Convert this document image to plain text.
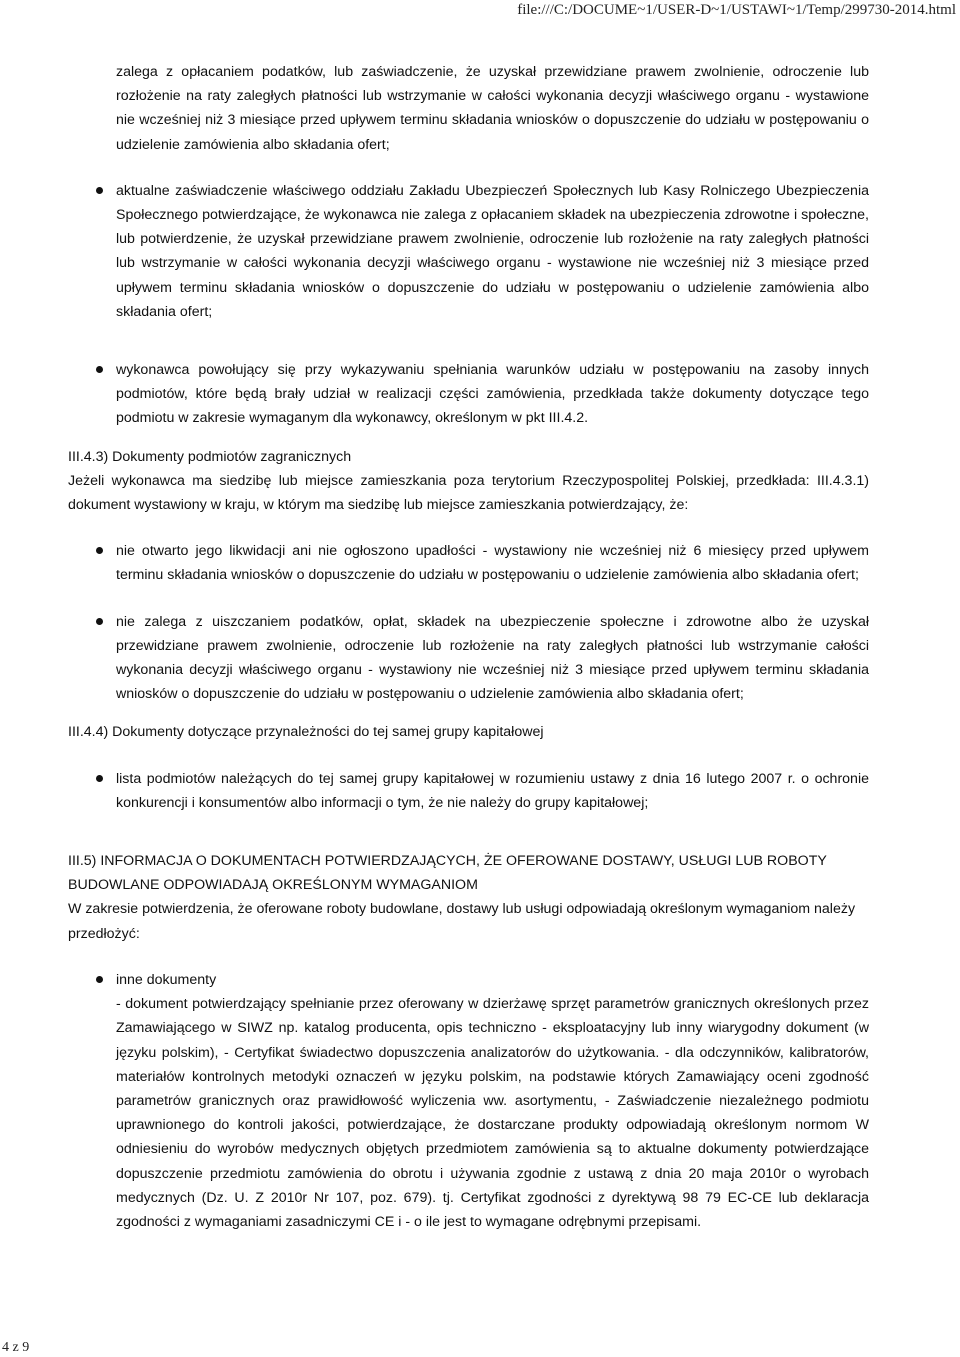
file:///C:/DOCUME~1/USER-D~1/USTAWI~1/Temp/299730-2014.html
zalega z opłacaniem podatków, lub zaświadczenie, że uzyskał przewidziane prawem zwolnienie, odroczenie lub rozłożenie na raty zaległych płatności lub wstrzymanie w całości wykonania decyzji właściwego organu - wystawione nie wcześniej niż 3 miesiące przed upływem terminu składania wniosków o dopuszczenie do udziału w postępowaniu o udzielenie zamówienia albo składania ofert;
aktualne zaświadczenie właściwego oddziału Zakładu Ubezpieczeń Społecznych lub Kasy Rolniczego Ubezpieczenia Społecznego potwierdzające, że wykonawca nie zalega z opłacaniem składek na ubezpieczenia zdrowotne i społeczne, lub potwierdzenie, że uzyskał przewidziane prawem zwolnienie, odroczenie lub rozłożenie na raty zaległych płatności lub wstrzymanie w całości wykonania decyzji właściwego organu - wystawione nie wcześniej niż 3 miesiące przed upływem terminu składania wniosków o dopuszczenie do udziału w postępowaniu o udzielenie zamówienia albo składania ofert;
wykonawca powołujący się przy wykazywaniu spełniania warunków udziału w postępowaniu na zasoby innych podmiotów, które będą brały udział w realizacji części zamówienia, przedkłada także dokumenty dotyczące tego podmiotu w zakresie wymaganym dla wykonawcy, określonym w pkt III.4.2.
III.4.3) Dokumenty podmiotów zagranicznych
Jeżeli wykonawca ma siedzibę lub miejsce zamieszkania poza terytorium Rzeczypospolitej Polskiej, przedkłada: III.4.3.1) dokument wystawiony w kraju, w którym ma siedzibę lub miejsce zamieszkania potwierdzający, że:
nie otwarto jego likwidacji ani nie ogłoszono upadłości - wystawiony nie wcześniej niż 6 miesięcy przed upływem terminu składania wniosków o dopuszczenie do udziału w postępowaniu o udzielenie zamówienia albo składania ofert;
nie zalega z uiszczaniem podatków, opłat, składek na ubezpieczenie społeczne i zdrowotne albo że uzyskał przewidziane prawem zwolnienie, odroczenie lub rozłożenie na raty zaległych płatności lub wstrzymanie całości wykonania decyzji właściwego organu - wystawiony nie wcześniej niż 3 miesiące przed upływem terminu składania wniosków o dopuszczenie do udziału w postępowaniu o udzielenie zamówienia albo składania ofert;
III.4.4) Dokumenty dotyczące przynależności do tej samej grupy kapitałowej
lista podmiotów należących do tej samej grupy kapitałowej w rozumieniu ustawy z dnia 16 lutego 2007 r. o ochronie konkurencji i konsumentów albo informacji o tym, że nie należy do grupy kapitałowej;
III.5) INFORMACJA O DOKUMENTACH POTWIERDZAJĄCYCH, ŻE OFEROWANE DOSTAWY, USŁUGI LUB ROBOTY BUDOWLANE ODPOWIADAJĄ OKREŚLONYM WYMAGANIOM
W zakresie potwierdzenia, że oferowane roboty budowlane, dostawy lub usługi odpowiadają określonym wymaganiom należy przedłożyć:
inne dokumenty
- dokument potwierdzający spełnianie przez oferowany w dzierżawę sprzęt parametrów granicznych określonych przez Zamawiającego w SIWZ np. katalog producenta, opis techniczno - eksploatacyjny lub inny wiarygodny dokument (w języku polskim), - Certyfikat świadectwo dopuszczenia analizatorów do użytkowania. - dla odczynników, kalibratorów, materiałów kontrolnych metodyki oznaczeń w języku polskim, na podstawie których Zamawiający oceni zgodność parametrów granicznych oraz prawidłowość wyliczenia ww. asortymentu, - Zaświadczenie niezależnego podmiotu uprawnionego do kontroli jakości, potwierdzające, że dostarczane produkty odpowiadają określonym normom W odniesieniu do wyrobów medycznych objętych przedmiotem zamówienia są to aktualne dokumenty potwierdzające dopuszczenie przedmiotu zamówienia do obrotu i używania zgodnie z ustawą z dnia 20 maja 2010r o wyrobach medycznych (Dz. U. Z 2010r Nr 107, poz. 679). tj. Certyfikat zgodności z dyrektywą 98 79 EC-CE lub deklaracja zgodności z wymaganiami zasadniczymi CE i - o ile jest to wymagane odrębnymi przepisami.
4 z 9
